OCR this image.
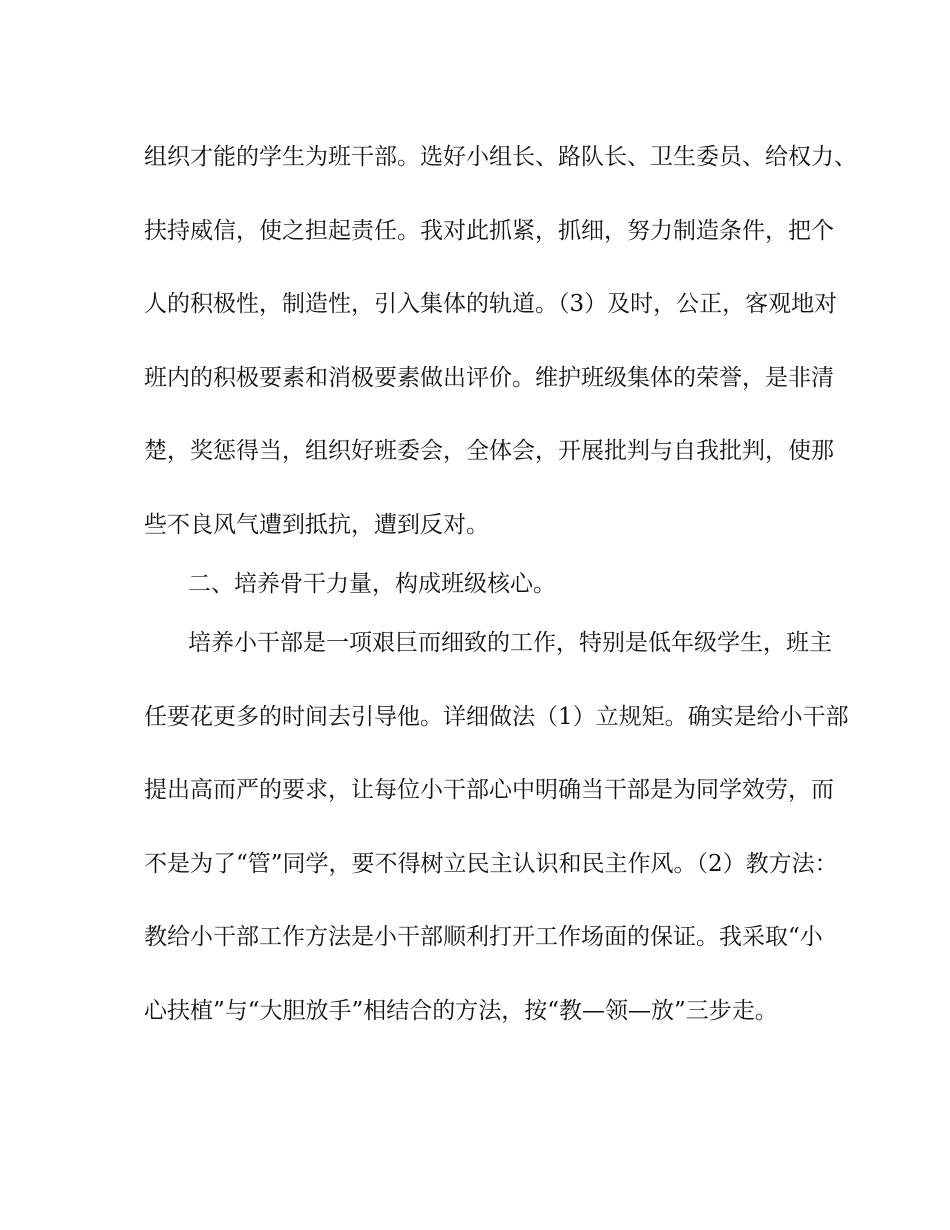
组织才能的学生为班干部。选好小组长、路队长、卫生委员、给权力、
扶持威信，使之担起责任。我对此抓紧，抓细，努力制造条件，把个
人的积极性，制造性，引入集体的轨道。（3）及时，公正，客观地对
班内的积极要素和消极要素做出评价。维护班级集体的荣誉，是非清
楚，奖惩得当，组织好班委会，全体会，开展批判与自我批判，使那
些不良风气遭到抵抗，遭到反对。
二、培养骨干力量，构成班级核心。
培养小干部是一项艰巨而细致的工作，特别是低年级学生，班主
任要花更多的时间去引导他。详细做法（1）立规矩。确实是给小干部
提出高而严的要求，让每位小干部心中明确当干部是为同学效劳，而
不是为了“管”同学，要不得树立民主认识和民主作风。（2）教方法：
教给小干部工作方法是小干部顺利打开工作场面的保证。我采取“小
心扶植”与“大胆放手”相结合的方法，按“教—领—放”三步走。
